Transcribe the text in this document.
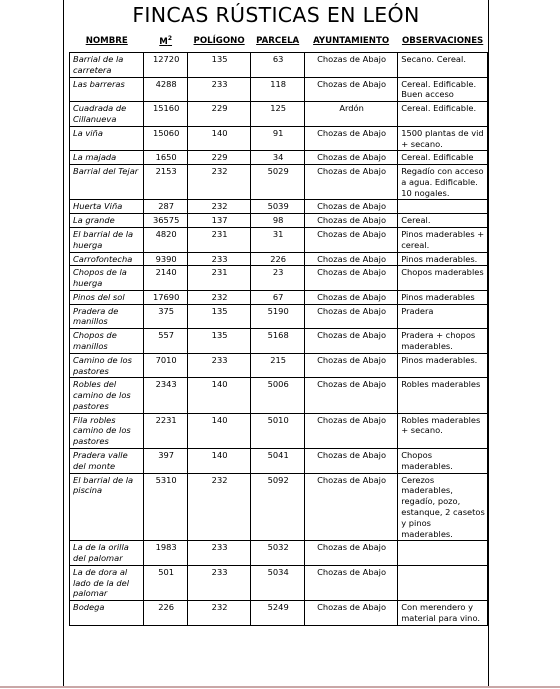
FINCAS RÚSTICAS EN LEÓN
NOMBRE	$M^2$	POLÍGONO	PARCELA	AYUNTAMIENTO	OBSERVACIONES
Barrial de la carretera	12720	135	63	Chozas de Abajo	Secano. Cereal.
Las barreras	4288	233	118	Chozas de Abajo	Cereal. Edificable. Buen acceso
Cuadrada de Cillanueva	15160	229	125	Ardón	Cereal. Edificable.
La viña	15060	140	91	Chozas de Abajo	1500 plantas de vid + secano.
La majada	1650	229	34	Chozas de Abajo	Cereal. Edificable
Barrial del Tejar	2153	232	5029	Chozas de Abajo	Regadío con acceso a agua. Edificable. 10 nogales.
Huerta Viña	287	232	5039	Chozas de Abajo	
La grande	36575	137	98	Chozas de Abajo	Cereal.
El barrial de la huerga	4820	231	31	Chozas de Abajo	Pinos maderables + cereal.
Carrofontecha	9390	233	226	Chozas de Abajo	Pinos maderables.
Chopos de la huerga	2140	231	23	Chozas de Abajo	Chopos maderables
Pinos del sol	17690	232	67	Chozas de Abajo	Pinos maderables
Pradera de manillos	375	135	5190	Chozas de Abajo	Pradera
Chopos de manillos	557	135	5168	Chozas de Abajo	Pradera + chopos maderables.
Camino de los pastores	7010	233	215	Chozas de Abajo	Pinos maderables.
Robles del camino de los pastores	2343	140	5006	Chozas de Abajo	Robles maderables
Fila robles camino de los pastores	2231	140	5010	Chozas de Abajo	Robles maderables + secano.
Pradera valle del monte	397	140	5041	Chozas de Abajo	Chopos maderables.
El barrial de la piscina	5310	232	5092	Chozas de Abajo	Cerezos maderables, regadío, pozo, estanque, 2 casetos y pinos maderables.
La de la orilla del palomar	1983	233	5032	Chozas de Abajo	
La de dora al lado de la del palomar	501	233	5034	Chozas de Abajo	
Bodega	226	232	5249	Chozas de Abajo	Con merendero y material para vino.
